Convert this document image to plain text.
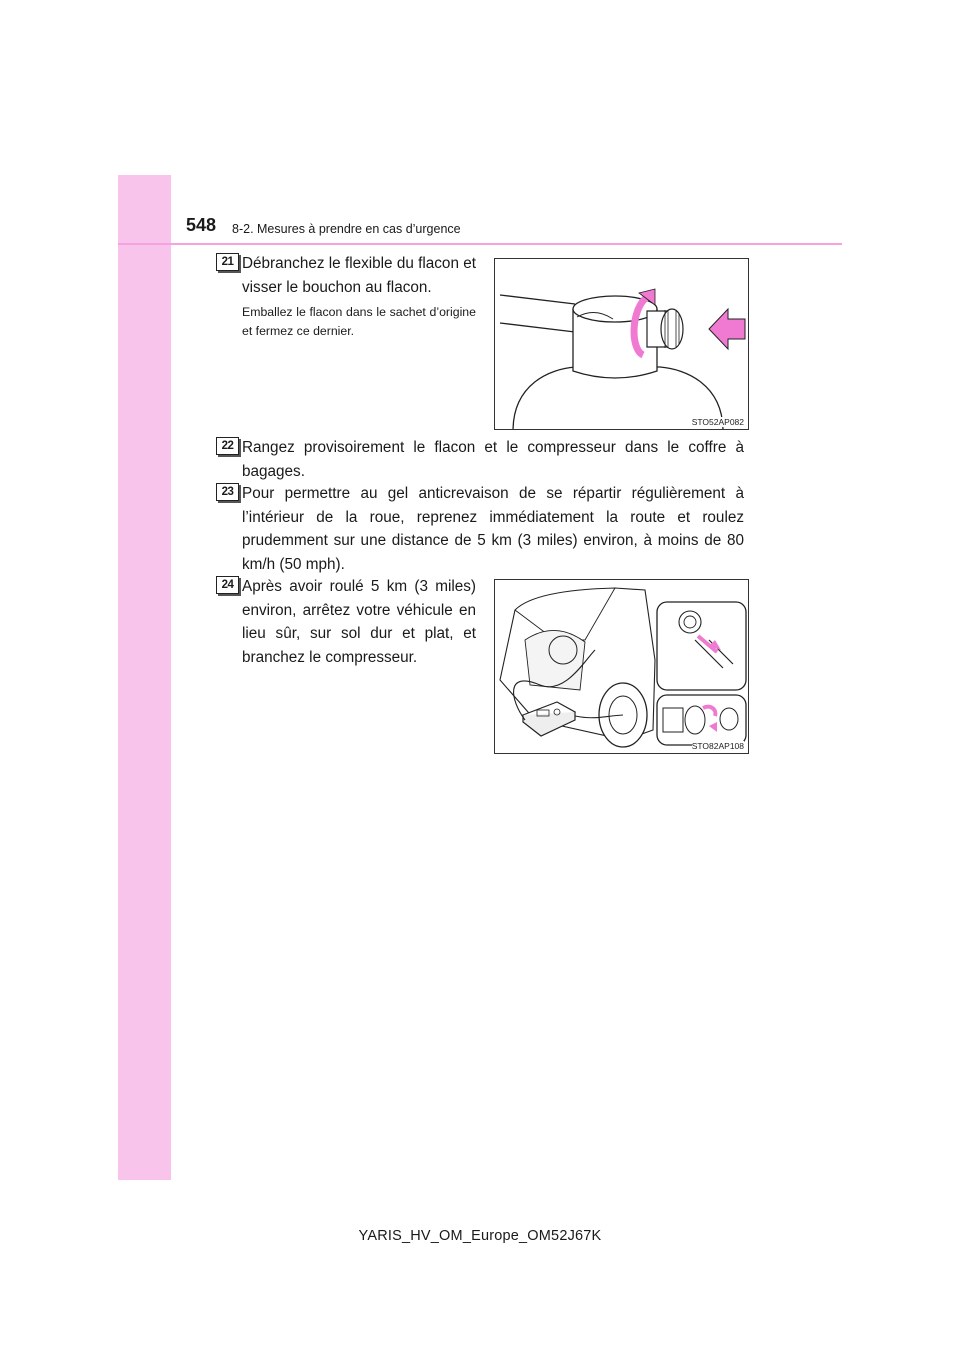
548 8-2. Mesures à prendre en cas d’urgence
21 Débranchez le flexible du flacon et visser le bouchon au flacon.
Emballez le flacon dans le sachet d’origine et fermez ce dernier.
STO52AP082
22 Rangez provisoirement le flacon et le compresseur dans le coffre à bagages.
23 Pour permettre au gel anticrevaison de se répartir régulièrement à l’intérieur de la roue, reprenez immédiatement la route et roulez prudemment sur une distance de 5 km (3 miles) environ, à moins de 80 km/h (50 mph).
24 Après avoir roulé 5 km (3 miles) environ, arrêtez votre véhicule en lieu sûr, sur sol dur et plat, et branchez le compresseur.
STO82AP108
YARIS_HV_OM_Europe_OM52J67K
